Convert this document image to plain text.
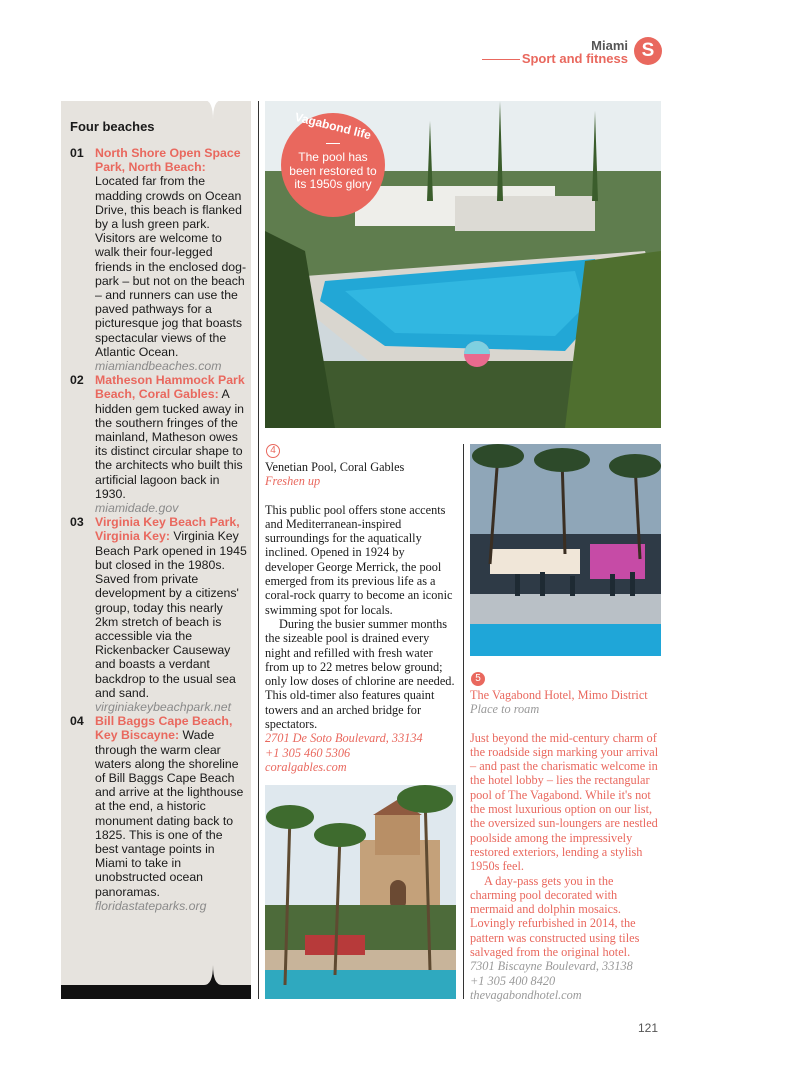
Miami
Sport and fitness S
Four beaches
01 North Shore Open Space Park, North Beach: Located far from the madding crowds on Ocean Drive, this beach is flanked by a lush green park. Visitors are welcome to walk their four-legged friends in the enclosed dog-park – but not on the beach – and runners can use the paved pathways for a picturesque jog that boasts spectacular views of the Atlantic Ocean.
miamiandbeaches.com
02 Matheson Hammock Park Beach, Coral Gables: A hidden gem tucked away in the southern fringes of the mainland, Matheson owes its distinct circular shape to the architects who built this artificial lagoon back in 1930.
miamidade.gov
03 Virginia Key Beach Park, Virginia Key: Virginia Key Beach Park opened in 1945 but closed in the 1980s. Saved from private development by a citizens' group, today this nearly 2km stretch of beach is accessible via the Rickenbacker Causeway and boasts a verdant backdrop to the usual sea and sand.
virginiakeybeachpark.net
04 Bill Baggs Cape Beach, Key Biscayne: Wade through the warm clear waters along the shoreline of Bill Baggs Cape Beach and arrive at the lighthouse at the end, a historic monument dating back to 1825. This is one of the best vantage points in Miami to take in unobstructed ocean panoramas.
floridastateparks.org
Vagabond life
The pool has been restored to its 1950s glory
4

Venetian Pool, Coral Gables

Freshen up

This public pool offers stone accents and Mediterranean-inspired surroundings for the aquatically inclined. Opened in 1924 by developer George Merrick, the pool emerged from its previous life as a coral-rock quarry to become an iconic swimming spot for locals.

During the busier summer months the sizeable pool is drained every night and refilled with fresh water from up to 22 metres below ground; only low doses of chlorine are needed. This old-timer also features quaint towers and an arched bridge for spectators.

2701 De Soto Boulevard, 33134

+1 305 460 5306

coralgables.com

5

The Vagabond Hotel, Mimo District

Place to roam

Just beyond the mid-century charm of the roadside sign marking your arrival – and past the charismatic welcome in the hotel lobby – lies the rectangular pool of The Vagabond. While it's not the most luxurious option on our list, the oversized sun-loungers are nestled poolside among the impressively restored exteriors, lending a stylish 1950s feel.

A day-pass gets you in the charming pool decorated with mermaid and dolphin mosaics. Lovingly refurbished in 2014, the pattern was constructed using tiles salvaged from the original hotel.

7301 Biscayne Boulevard, 33138

+1 305 400 8420

thevagabondhotel.com

121
